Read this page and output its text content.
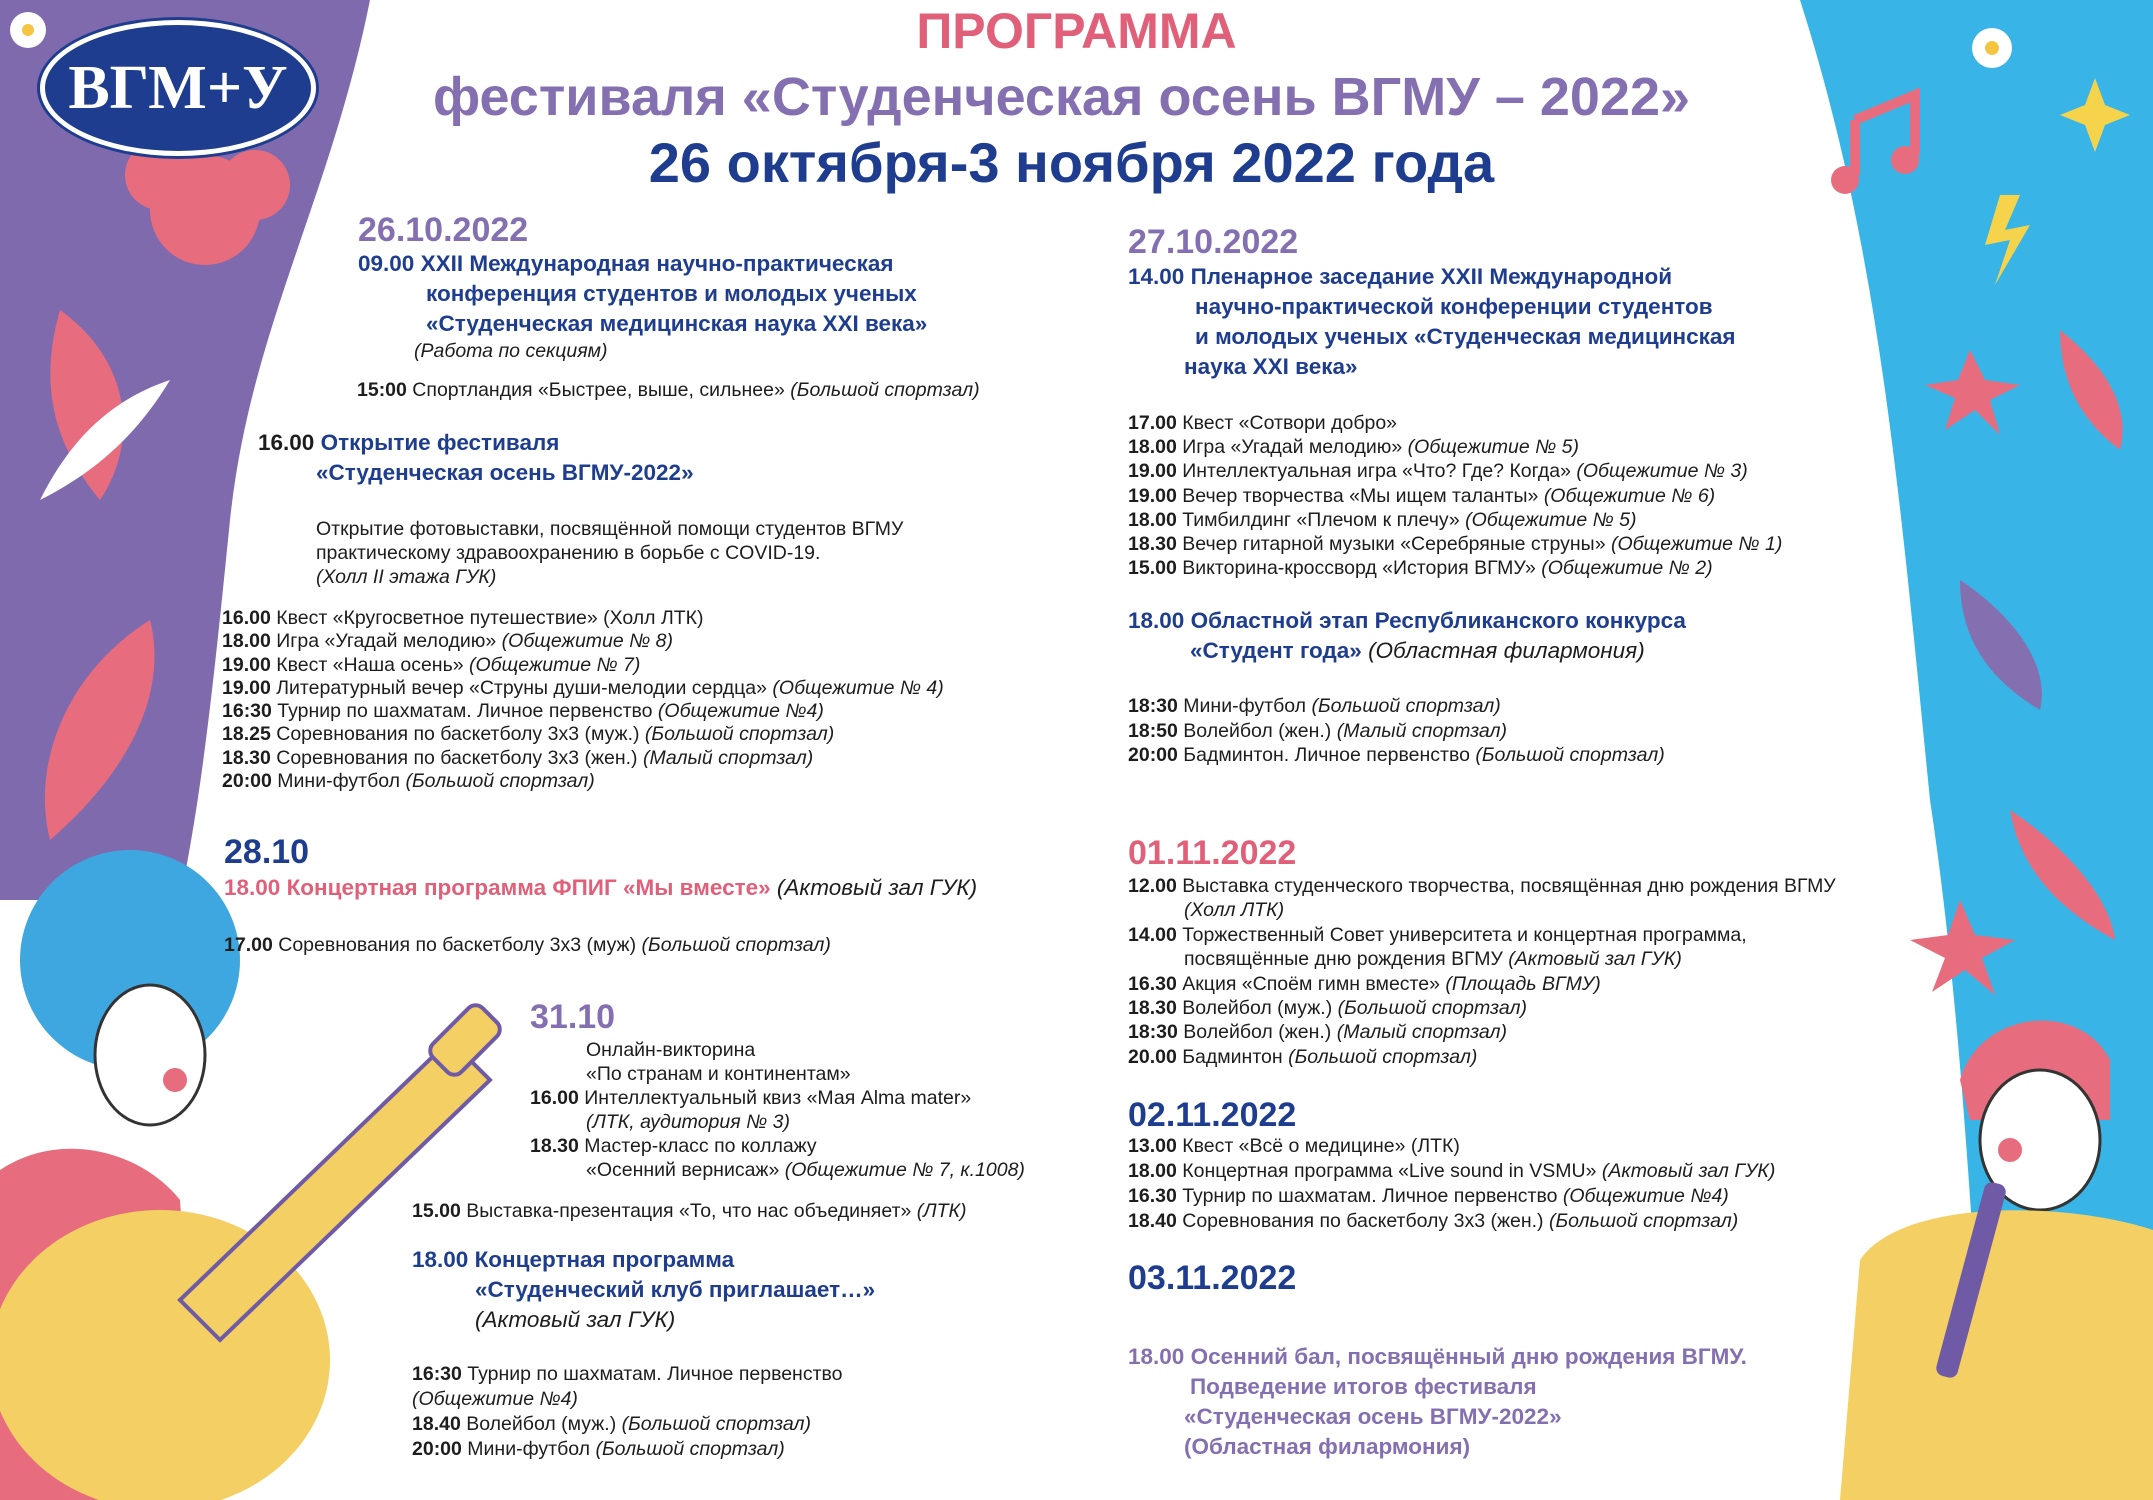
ВГМ+У
ПРОГРАММА
фестиваля «Студенческая осень ВГМУ – 2022»
26 октября-3 ноября 2022 года
26.10.2022
09.00 XXII Международная научно-практическая
конференция студентов и молодых ученых
«Студенческая медицинская наука XXI века»
(Работа по секциям)
15:00 Спортландия «Быстрее, выше, сильнее» (Большой спортзал)
16.00 Открытие фестиваля
«Студенческая осень ВГМУ-2022»
Открытие фотовыставки, посвящённой помощи студентов ВГМУ
практическому здравоохранению в борьбе с COVID-19.
(Холл II этажа ГУК)
16.00 Квест «Кругосветное путешествие» (Холл ЛТК)
18.00 Игра «Угадай мелодию» (Общежитие № 8)
19.00 Квест «Наша осень» (Общежитие № 7)
19.00 Литературный вечер «Струны души-мелодии сердца» (Общежитие № 4)
16:30 Турнир по шахматам. Личное первенство (Общежитие №4)
18.25 Соревнования по баскетболу 3х3 (муж.) (Большой спортзал)
18.30 Соревнования по баскетболу 3х3 (жен.) (Малый спортзал)
20:00 Мини-футбол (Большой спортзал)
28.10
18.00 Концертная программа ФПИГ «Мы вместе» (Актовый зал ГУК)
17.00 Соревнования по баскетболу 3х3 (муж) (Большой спортзал)
31.10
Онлайн-викторина
«По странам и континентам»
16.00 Интеллектуальный квиз «Мая Alma mater»
(ЛТК, аудитория № 3)
18.30 Мастер-класс по коллажу
«Осенний вернисаж» (Общежитие № 7, к.1008)
15.00 Выставка-презентация «То, что нас объединяет» (ЛТК)
18.00 Концертная программа
«Студенческий клуб приглашает…»
(Актовый зал ГУК)
16:30 Турнир по шахматам. Личное первенство
(Общежитие №4)
18.40 Волейбол (муж.) (Большой спортзал)
20:00 Мини-футбол (Большой спортзал)
27.10.2022
14.00 Пленарное заседание XXII Международной
научно-практической конференции студентов
и молодых ученых «Студенческая медицинская
наука XXI века»
17.00 Квест «Сотвори добро»
18.00 Игра «Угадай мелодию» (Общежитие № 5)
19.00 Интеллектуальная игра «Что? Где? Когда» (Общежитие № 3)
19.00 Вечер творчества «Мы ищем таланты» (Общежитие № 6)
18.00 Тимбилдинг «Плечом к плечу» (Общежитие № 5)
18.30 Вечер гитарной музыки «Серебряные струны» (Общежитие № 1)
15.00 Викторина-кроссворд «История ВГМУ» (Общежитие № 2)
18.00 Областной этап Республиканского конкурса
«Студент года» (Областная филармония)
18:30 Мини-футбол (Большой спортзал)
18:50 Волейбол (жен.) (Малый спортзал)
20:00 Бадминтон. Личное первенство (Большой спортзал)
01.11.2022
12.00 Выставка студенческого творчества, посвящённая дню рождения ВГМУ
(Холл ЛТК)
14.00 Торжественный Совет университета и концертная программа,
посвящённые дню рождения ВГМУ (Актовый зал ГУК)
16.30 Акция «Споём гимн вместе» (Площадь ВГМУ)
18.30 Волейбол (муж.) (Большой спортзал)
18:30 Волейбол (жен.) (Малый спортзал)
20.00 Бадминтон (Большой спортзал)
02.11.2022
13.00 Квест «Всё о медицине» (ЛТК)
18.00 Концертная программа «Live sound in VSMU» (Актовый зал ГУК)
16.30 Турнир по шахматам. Личное первенство (Общежитие №4)
18.40 Соревнования по баскетболу 3х3 (жен.) (Большой спортзал)
03.11.2022
18.00 Осенний бал, посвящённый дню рождения ВГМУ.
Подведение итогов фестиваля
«Студенческая осень ВГМУ-2022»
(Областная филармония)
